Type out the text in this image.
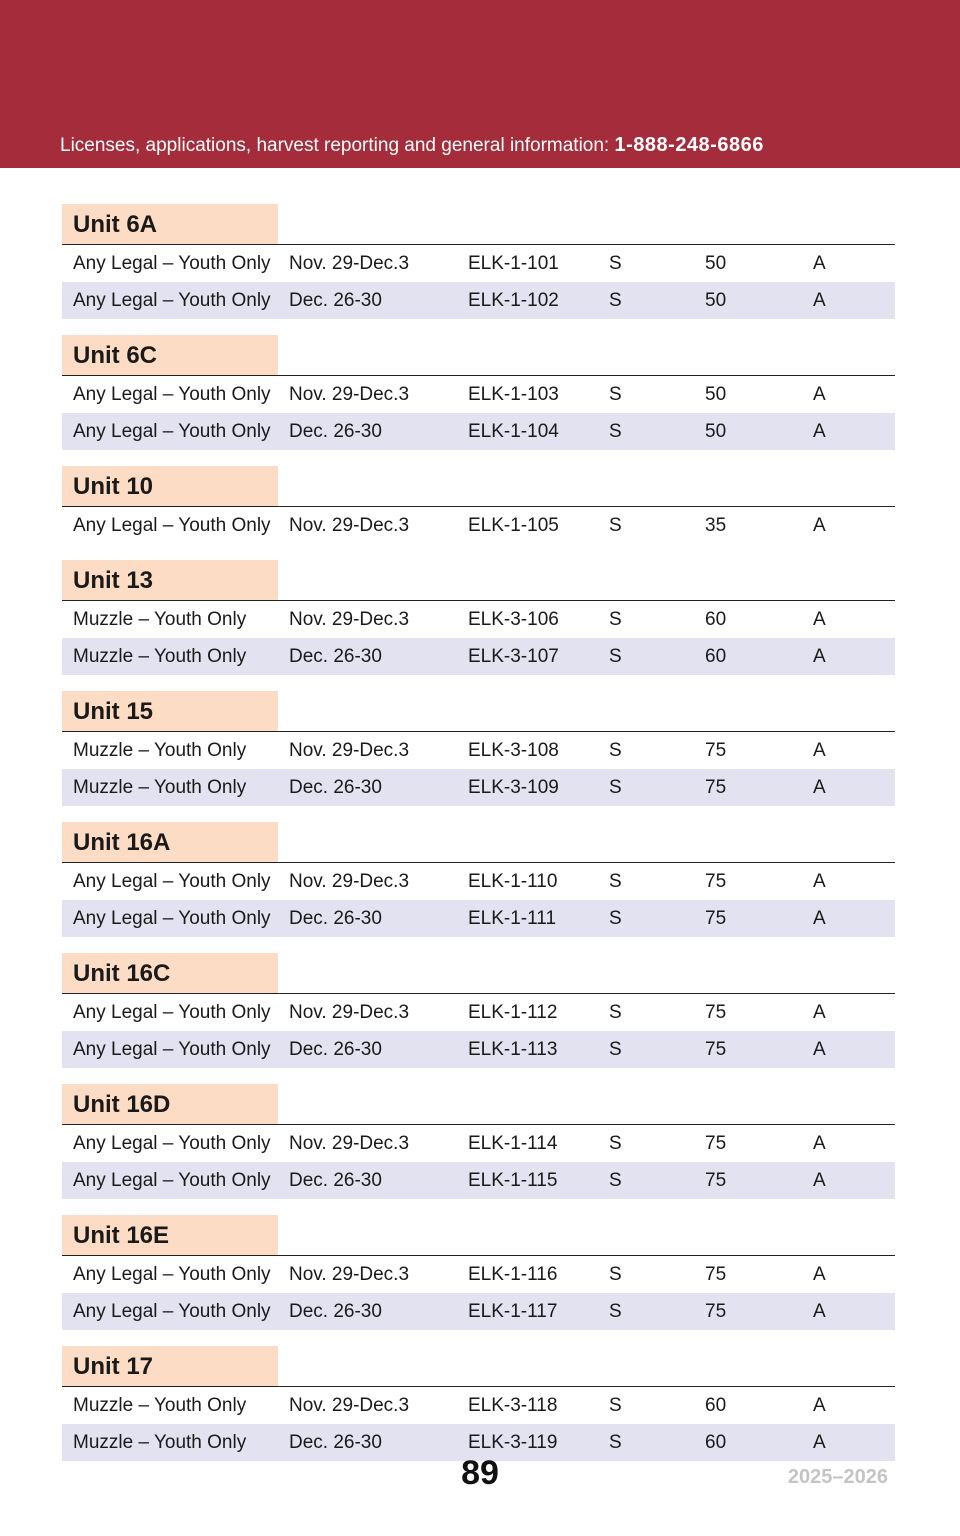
Licenses, applications, harvest reporting and general information: 1-888-248-6866
Unit 6A
Any Legal – Youth Only Nov. 29-Dec.3	ELK-1-101	S	50	A
Any Legal – Youth Only Dec. 26-30	ELK-1-102	S	50	A
Unit 6C
Any Legal – Youth Only Nov. 29-Dec.3	ELK-1-103	S	50	A
Any Legal – Youth Only Dec. 26-30	ELK-1-104	S	50	A
Unit 10
Any Legal – Youth Only Nov. 29-Dec.3	ELK-1-105	S	35	A
Unit 13
Muzzle – Youth Only Nov. 29-Dec.3	ELK-3-106	S	60	A
Muzzle – Youth Only Dec. 26-30	ELK-3-107	S	60	A
Unit 15
Muzzle – Youth Only Nov. 29-Dec.3	ELK-3-108	S	75	A
Muzzle – Youth Only Dec. 26-30	ELK-3-109	S	75	A
Unit 16A
Any Legal – Youth Only Nov. 29-Dec.3	ELK-1-110	S	75	A
Any Legal – Youth Only Dec. 26-30	ELK-1-111	S	75	A
Unit 16C
Any Legal – Youth Only Nov. 29-Dec.3	ELK-1-112	S	75	A
Any Legal – Youth Only Dec. 26-30	ELK-1-113	S	75	A
Unit 16D
Any Legal – Youth Only Nov. 29-Dec.3	ELK-1-114	S	75	A
Any Legal – Youth Only Dec. 26-30	ELK-1-115	S	75	A
Unit 16E
Any Legal – Youth Only Nov. 29-Dec.3	ELK-1-116	S	75	A
Any Legal – Youth Only Dec. 26-30	ELK-1-117	S	75	A
Unit 17
Muzzle – Youth Only Nov. 29-Dec.3	ELK-3-118	S	60	A
Muzzle – Youth Only Dec. 26-30	ELK-3-119	S	60	A
89	2025–2026
